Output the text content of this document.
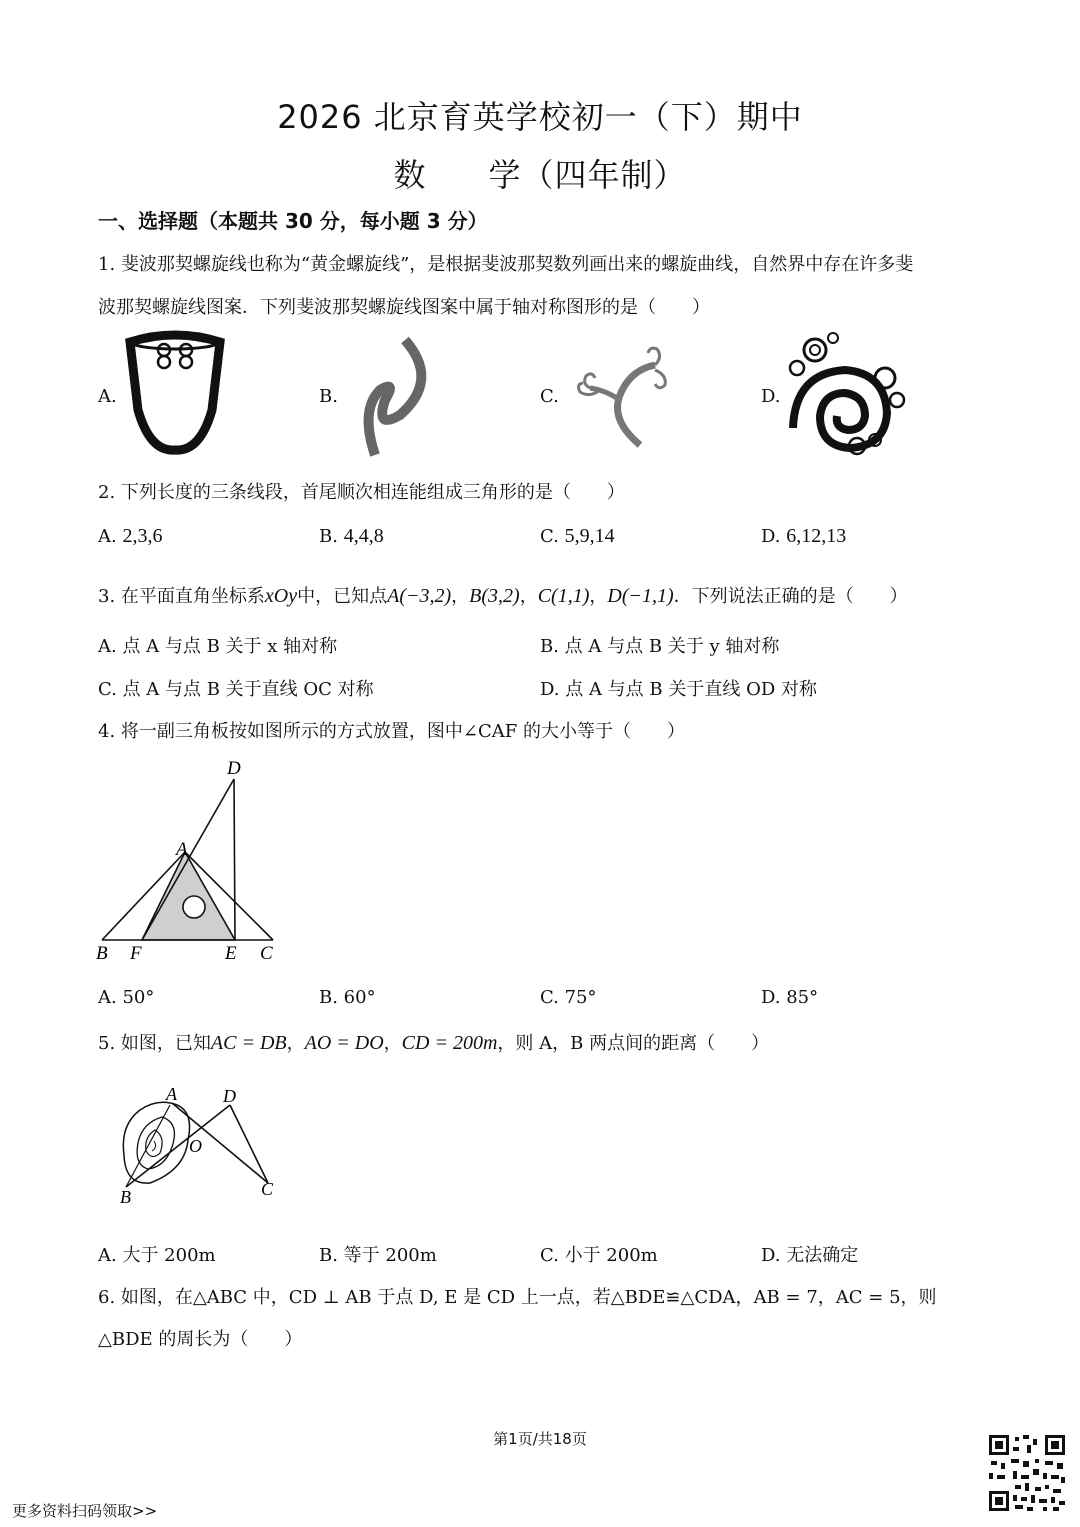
2026 北京育英学校初一（下）期中
数 学（四年制）
一、选择题（本题共 30 分，每小题 3 分）
1. 斐波那契螺旋线也称为“黄金螺旋线”，是根据斐波那契数列画出来的螺旋曲线，自然界中存在许多斐
波那契螺旋线图案．下列斐波那契螺旋线图案中属于轴对称图形的是（　　）
A.	B.	C.	D.
2. 下列长度的三条线段，首尾顺次相连能组成三角形的是（　　）
A. 2,3,6	B. 4,4,8	C. 5,9,14	D. 6,12,13
3. 在平面直角坐标系xOy中，已知点A(−3,2)，B(3,2)，C(1,1)，D(−1,1)．下列说法正确的是（　　）
A. 点 A 与点 B 关于 x 轴对称	B. 点 A 与点 B 关于 y 轴对称
C. 点 A 与点 B 关于直线 OC 对称	D. 点 A 与点 B 关于直线 OD 对称
4. 将一副三角板按如图所示的方式放置，图中∠CAF 的大小等于（　　）
D
A
B F	E C
A. 50°	B. 60°	C. 75°	D. 85°
5. 如图，已知AC = DB，AO = DO，CD = 200m，则 A，B 两点间的距离（　　）
A	D
O
B	C
A. 大于 200m	B. 等于 200m	C. 小于 200m	D. 无法确定
6. 如图，在△ABC 中，CD ⊥ AB 于点 D, E 是 CD 上一点，若△BDE≌△CDA，AB = 7，AC = 5，则
△BDE 的周长为（　　）
第1页/共18页
更多资料扫码领取>>
